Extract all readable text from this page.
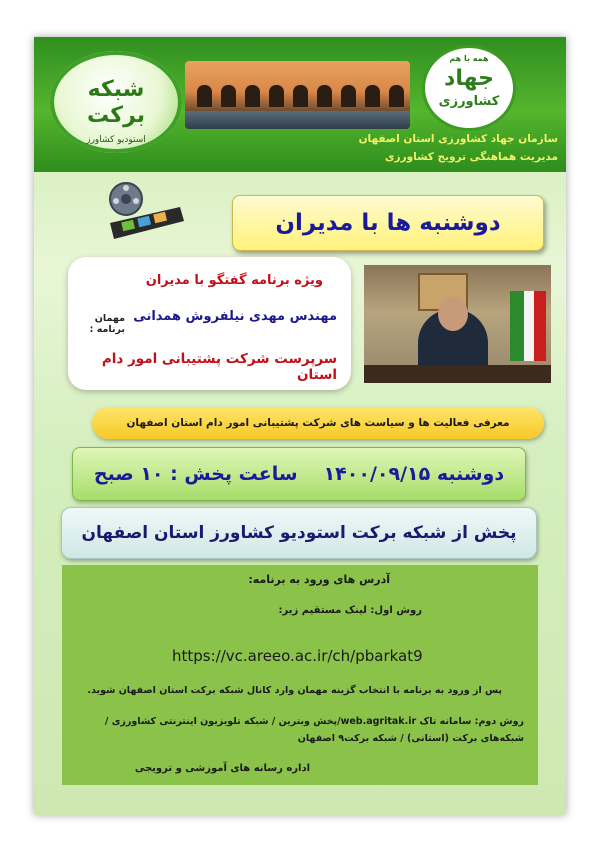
شبکه
برکت
استودیو کشاورز
همه با هم
جهاد
کشاورزی
سازمان جهاد کشاورزی استان اصفهان
مدیریت هماهنگی ترویج کشاورزی
دوشنبه ها با مدیران
ویژه برنامه گفتگو با مدیران
مهمان برنامه :
مهندس مهدی نیلفروش همدانی
سرپرست شرکت پشتیبانی امور دام استان
معرفی فعالیت ها و سیاست های شرکت پشتیبانی امور دام استان اصفهان
دوشنبه ۱۴۰۰/۰۹/۱۵
ساعت پخش : ۱۰ صبح
پخش از شبکه برکت استودیو کشاورز استان اصفهان
آدرس های ورود به برنامه:
روش اول: لینک مستقیم زیر:
https://vc.areeo.ac.ir/ch/pbarkat9
پس از ورود به برنامه با انتخاب گزینه مهمان وارد کانال شبکه برکت استان اصفهان شوید.
روش دوم: سامانه تاک web.agritak.ir/پخش وبترین / شبکه تلویزیون اینترنتی کشاورزی /شبکه‌های برکت (استانی) / شبکه برکت۹ اصفهان
اداره رسانه های آموزشی و ترویجی
